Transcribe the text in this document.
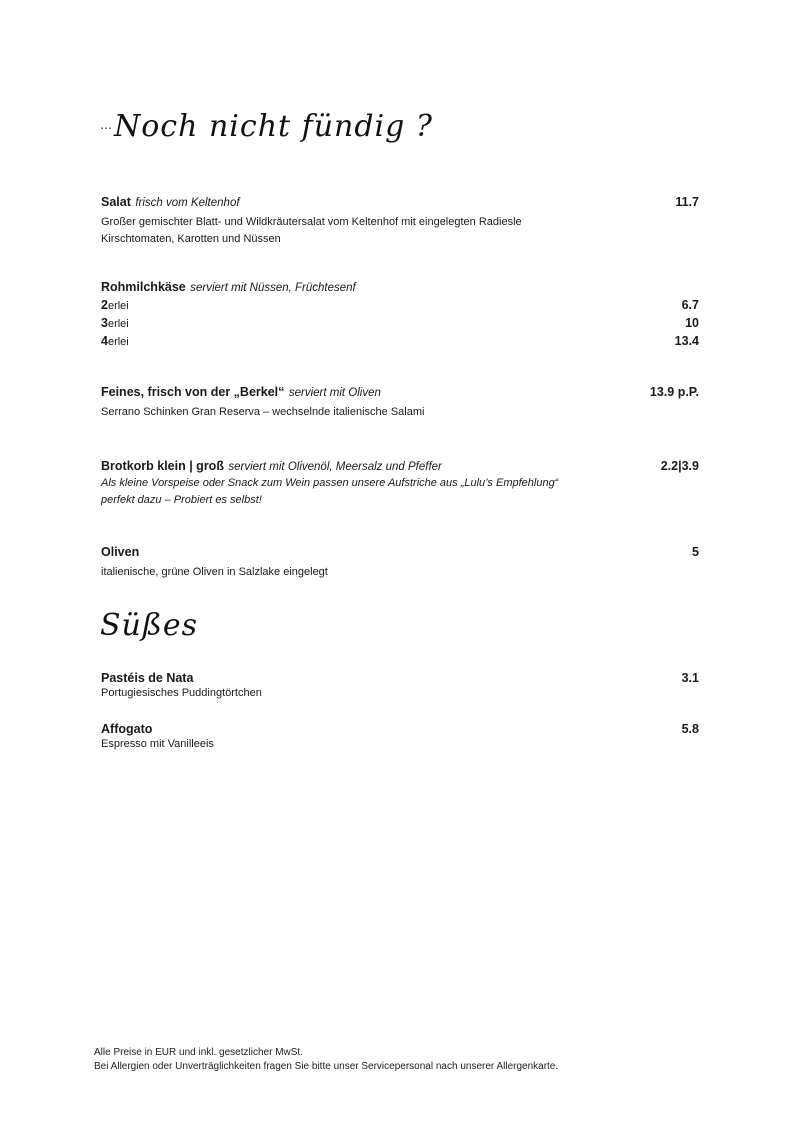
… Noch nicht fündig ?
Salat frisch vom Keltenhof	11.7
Großer gemischter Blatt- und Wildkräutersalat vom Keltenhof mit eingelegten Radiesle
Kirschtomaten, Karotten und Nüssen
Rohmilchkäse serviert mit Nüssen, Früchtesenf
2erlei	6.7
3erlei	10
4erlei	13.4
Feines, frisch von der „Berkel“ serviert mit Oliven	13.9 p.P.
Serrano Schinken Gran Reserva – wechselnde italienische Salami
Brotkorb klein | groß serviert mit Olivenöl, Meersalz und Pfeffer	2.2|3.9
Als kleine Vorspeise oder Snack zum Wein passen unsere Aufstriche aus „Lulu’s Empfehlung“
perfekt dazu – Probiert es selbst!
Oliven	5
italienische, grüne Oliven in Salzlake eingelegt
Süßes
Pastéis de Nata	3.1
Portugiesisches Puddingtörtchen
Affogato	5.8
Espresso mit Vanilleeis
Alle Preise in EUR und inkl. gesetzlicher MwSt.
Bei Allergien oder Unverträglichkeiten fragen Sie bitte unser Servicepersonal nach unserer Allergenkarte.
